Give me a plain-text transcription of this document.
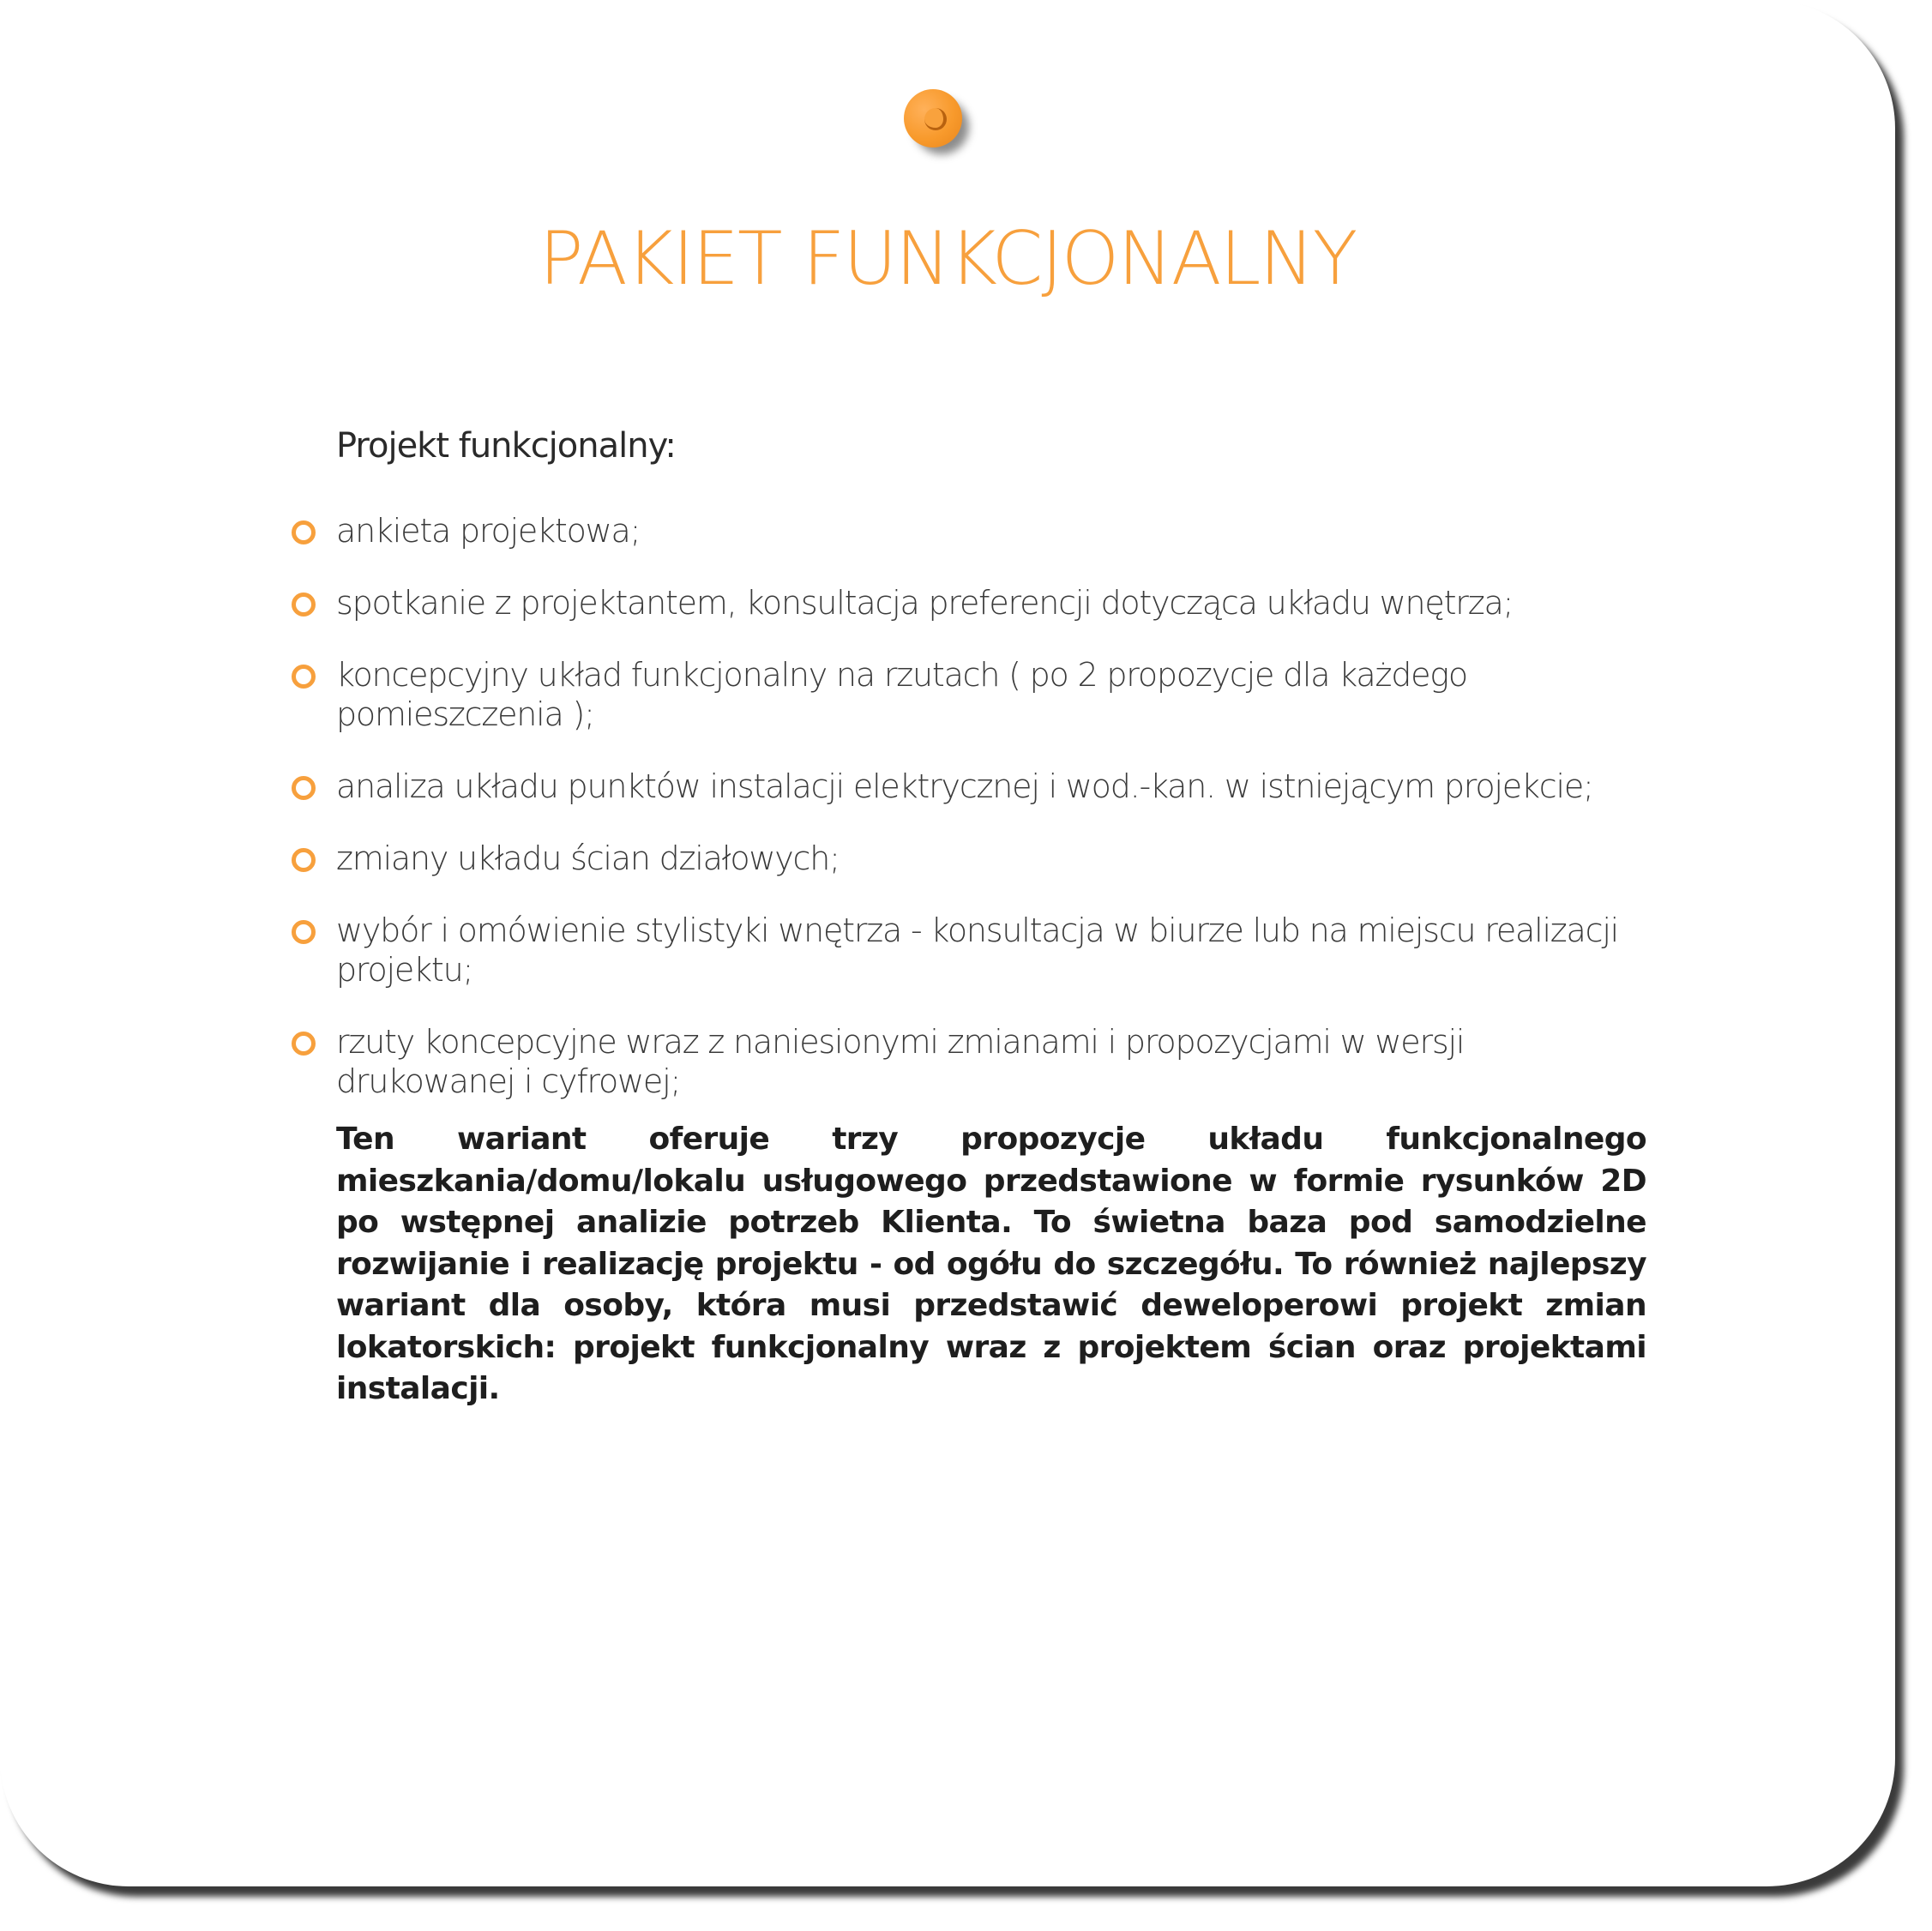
PAKIET FUNKCJONALNY

Projekt funkcjonalny:

ankieta projektowa;
spotkanie z projektantem, konsultacja preferencji dotycząca układu wnętrza;
koncepcyjny układ funkcjonalny na rzutach ( po 2 propozycje dla każdego pomieszczenia );
analiza układu punktów instalacji elektrycznej i wod.-kan. w istniejącym projekcie;
zmiany układu ścian działowych;
wybór i omówienie stylistyki wnętrza - konsultacja w biurze lub na miejscu realizacji projektu;
rzuty koncepcyjne wraz z naniesionymi zmianami i propozycjami w wersji drukowanej i cyfrowej;

Ten wariant oferuje trzy propozycje układu funkcjonalnego mieszkania/domu/lokalu usługowego przedstawione w formie rysunków 2D po wstępnej analizie potrzeb Klienta. To świetna baza pod samodzielne rozwijanie i realizację projektu - od ogółu do szczegółu. To również najlepszy wariant dla osoby, która musi przedstawić deweloperowi projekt zmian lokatorskich: projekt funkcjonalny wraz z projektem ścian oraz projektami instalacji.
